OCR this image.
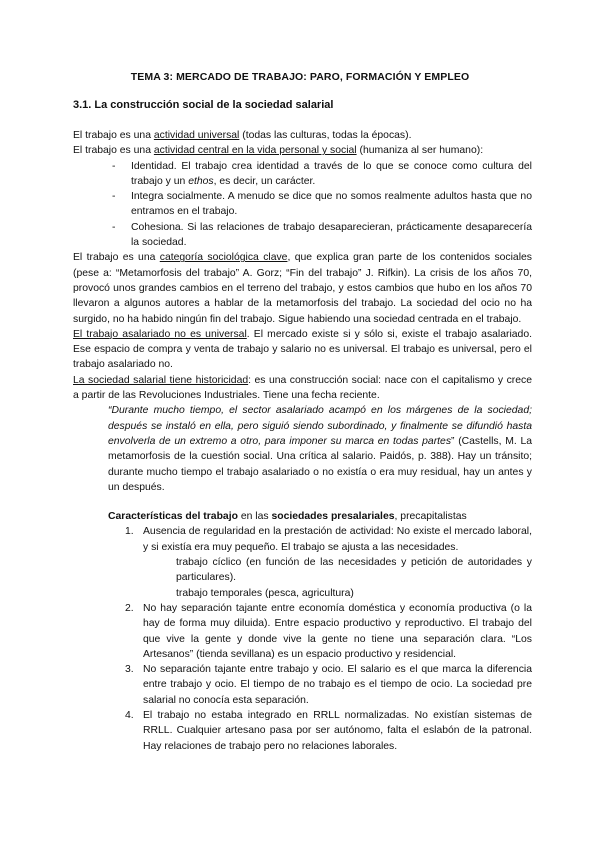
TEMA 3: MERCADO DE TRABAJO: PARO, FORMACIÓN Y EMPLEO
3.1. La construcción social de la sociedad salarial

El trabajo es una actividad universal (todas las culturas, todas la épocas).

El trabajo es una actividad central en la vida personal y social (humaniza al ser humano):

- Identidad. El trabajo crea identidad a través de lo que se conoce como cultura del trabajo y un ethos, es decir, un carácter.

- Integra socialmente. A menudo se dice que no somos realmente adultos hasta que no entramos en el trabajo.

- Cohesiona. Si las relaciones de trabajo desaparecieran, prácticamente desaparecería la sociedad.

El trabajo es una categoría sociológica clave, que explica gran parte de los contenidos sociales (pese a: “Metamorfosis del trabajo” A. Gorz; “Fin del trabajo” J. Rifkin). La crisis de los años 70, provocó unos grandes cambios en el terreno del trabajo, y estos cambios que hubo en los años 70 llevaron a algunos autores a hablar de la metamorfosis del trabajo. La sociedad del ocio no ha surgido, no ha habido ningún fin del trabajo. Sigue habiendo una sociedad centrada en el trabajo.

El trabajo asalariado no es universal. El mercado existe si y sólo si, existe el trabajo asalariado. Ese espacio de compra y venta de trabajo y salario no es universal. El trabajo es universal, pero el trabajo asalariado no.

La sociedad salarial tiene historicidad: es una construcción social: nace con el capitalismo y crece a partir de las Revoluciones Industriales. Tiene una fecha reciente.

“Durante mucho tiempo, el sector asalariado acampó en los márgenes de la sociedad; después se instaló en ella, pero siguió siendo subordinado, y finalmente se difundió hasta envolverla de un extremo a otro, para imponer su marca en todas partes” (Castells, M. La metamorfosis de la cuestión social. Una crítica al salario. Paidós, p. 388). Hay un tránsito; durante mucho tiempo el trabajo asalariado o no existía o era muy residual, hay un antes y un después.

Características del trabajo en las sociedades presalariales, precapitalistas

1. Ausencia de regularidad en la prestación de actividad: No existe el mercado laboral, y si existía era muy pequeño. El trabajo se ajusta a las necesidades.

trabajo cíclico (en función de las necesidades y petición de autoridades y particulares).

trabajo temporales (pesca, agricultura)

2. No hay separación tajante entre economía doméstica y economía productiva (o la hay de forma muy diluida). Entre espacio productivo y reproductivo. El trabajo del que vive la gente y donde vive la gente no tiene una separación clara. “Los Artesanos” (tienda sevillana) es un espacio productivo y residencial.

3. No separación tajante entre trabajo y ocio. El salario es el que marca la diferencia entre trabajo y ocio. El tiempo de no trabajo es el tiempo de ocio. La sociedad pre salarial no conocía esta separación.

4. El trabajo no estaba integrado en RRLL normalizadas. No existían sistemas de RRLL. Cualquier artesano pasa por ser autónomo, falta el eslabón de la patronal. Hay relaciones de trabajo pero no relaciones laborales.
